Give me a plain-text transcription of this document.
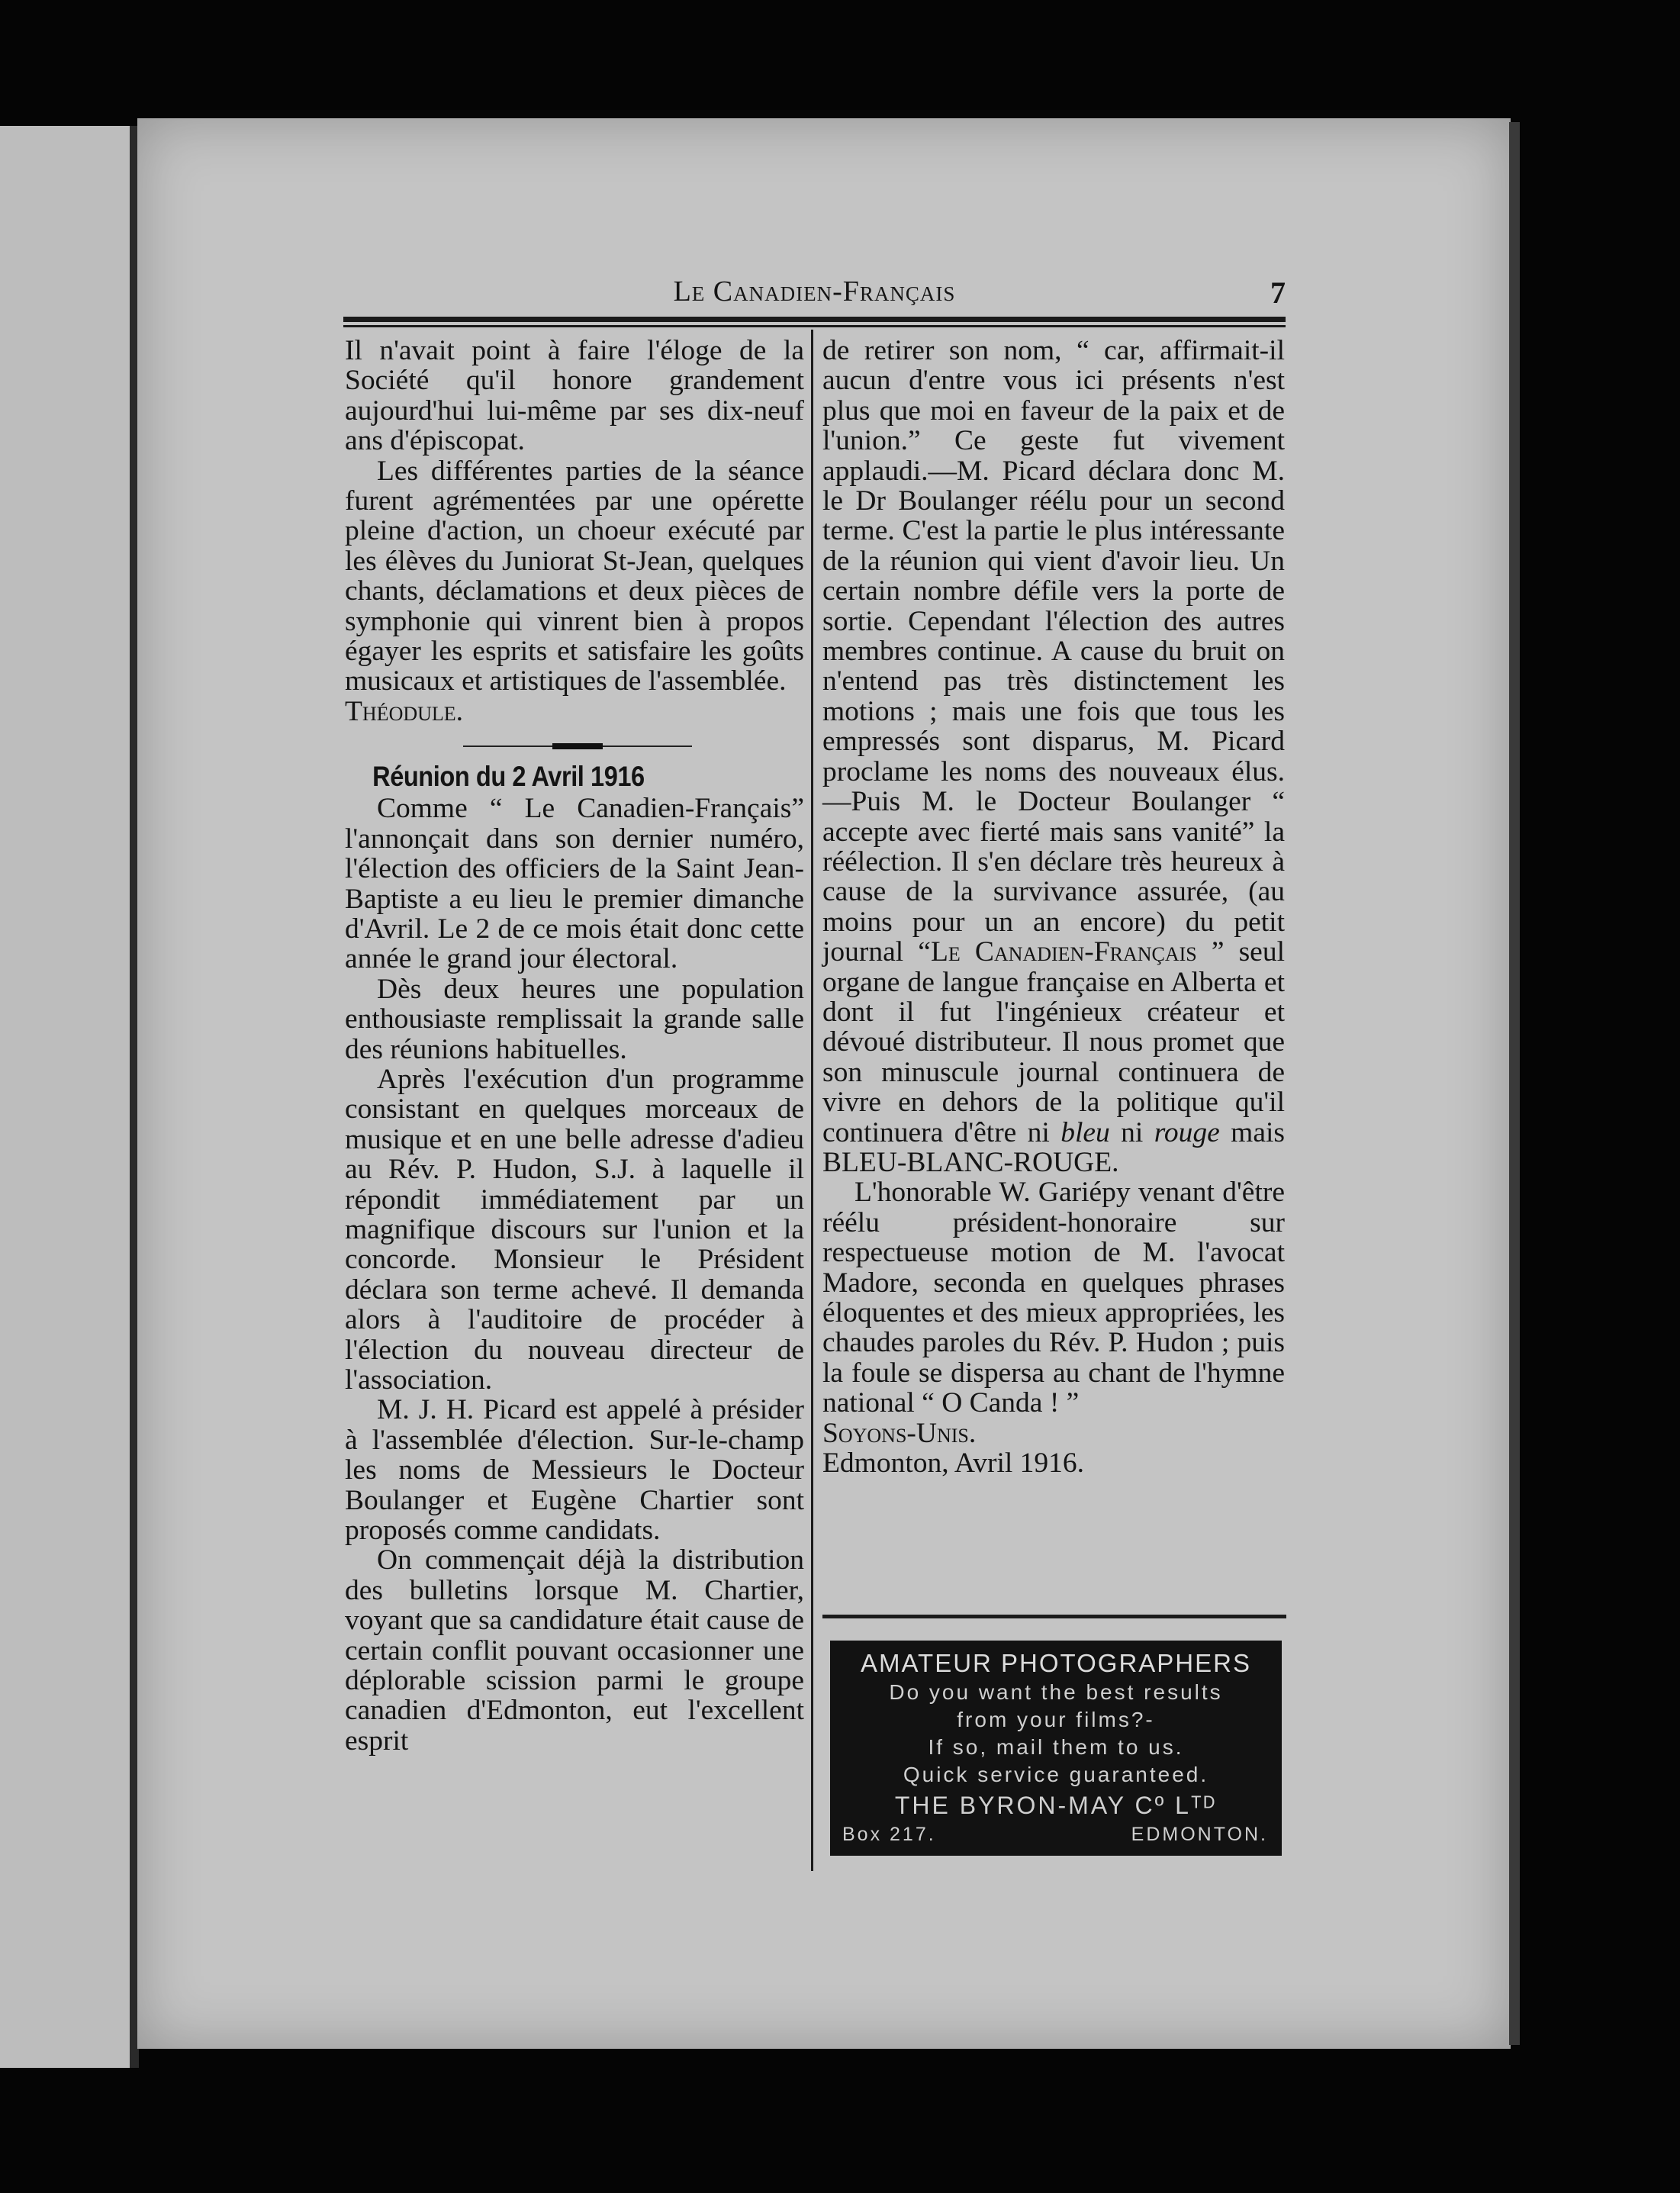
Le Canadien-Français	7

Il n'avait point à faire l'éloge de la Société qu'il honore grandement aujourd'hui lui-même par ses dix-neuf ans d'épiscopat.

Les différentes parties de la séance furent agrémentées par une opérette pleine d'action, un choeur exécuté par les élèves du Juniorat St-Jean, quelques chants, déclamations et deux pièces de symphonie qui vinrent bien à propos égayer les esprits et satisfaire les goûts musicaux et artistiques de l'assemblée.

Théodule.

Réunion du 2 Avril 1916

Comme “ Le Canadien-Français” l'annonçait dans son dernier numéro, l'élection des officiers de la Saint Jean-Baptiste a eu lieu le premier dimanche d'Avril. Le 2 de ce mois était donc cette année le grand jour électoral.

Dès deux heures une population enthousiaste remplissait la grande salle des réunions habituelles.

Après l'exécution d'un programme consistant en quelques morceaux de musique et en une belle adresse d'adieu au Rév. P. Hudon, S.J. à laquelle il répondit immédiatement par un magnifique discours sur l'union et la concorde. Monsieur le Président déclara son terme achevé. Il demanda alors à l'auditoire de procéder à l'élection du nouveau directeur de l'association.

M. J. H. Picard est appelé à présider à l'assemblée d'élection. Sur-le-champ les noms de Messieurs le Docteur Boulanger et Eugène Chartier sont proposés comme candidats.

On commençait déjà la distribution des bulletins lorsque M. Chartier, voyant que sa candidature était cause de certain conflit pouvant occasionner une déplorable scission parmi le groupe canadien d'Edmonton, eut l'excellent esprit

de retirer son nom, “ car, affirmait-il aucun d'entre vous ici présents n'est plus que moi en faveur de la paix et de l'union.” Ce geste fut vivement applaudi.—M. Picard déclara donc M. le Dr Boulanger réélu pour un second terme. C'est la partie le plus intéressante de la réunion qui vient d'avoir lieu. Un certain nombre défile vers la porte de sortie. Cependant l'élection des autres membres continue. A cause du bruit on n'entend pas très distinctement les motions ; mais une fois que tous les empressés sont disparus, M. Picard proclame les noms des nouveaux élus.—Puis M. le Docteur Boulanger “ accepte avec fierté mais sans vanité” la réélection. Il s'en déclare très heureux à cause de la survivance assurée, (au moins pour un an encore) du petit journal “Le Canadien-Français ” seul organe de langue française en Alberta et dont il fut l'ingénieux créateur et dévoué distributeur. Il nous promet que son minuscule journal continuera de vivre en dehors de la politique qu'il continuera d'être ni bleu ni rouge mais BLEU-BLANC-ROUGE.

L'honorable W. Gariépy venant d'être réélu président-honoraire sur respectueuse motion de M. l'avocat Madore, seconda en quelques phrases éloquentes et des mieux appropriées, les chaudes paroles du Rév. P. Hudon ; puis la foule se dispersa au chant de l'hymne national “ O Canda ! ”

Soyons-Unis.

Edmonton, Avril 1916.

AMATEUR PHOTOGRAPHERS
Do you want the best results
from your films?-
If so, mail them to us.
Quick service guaranteed.
THE BYRON-MAY Cº Lᵀᴰ
Box 217.	EDMONTON.
